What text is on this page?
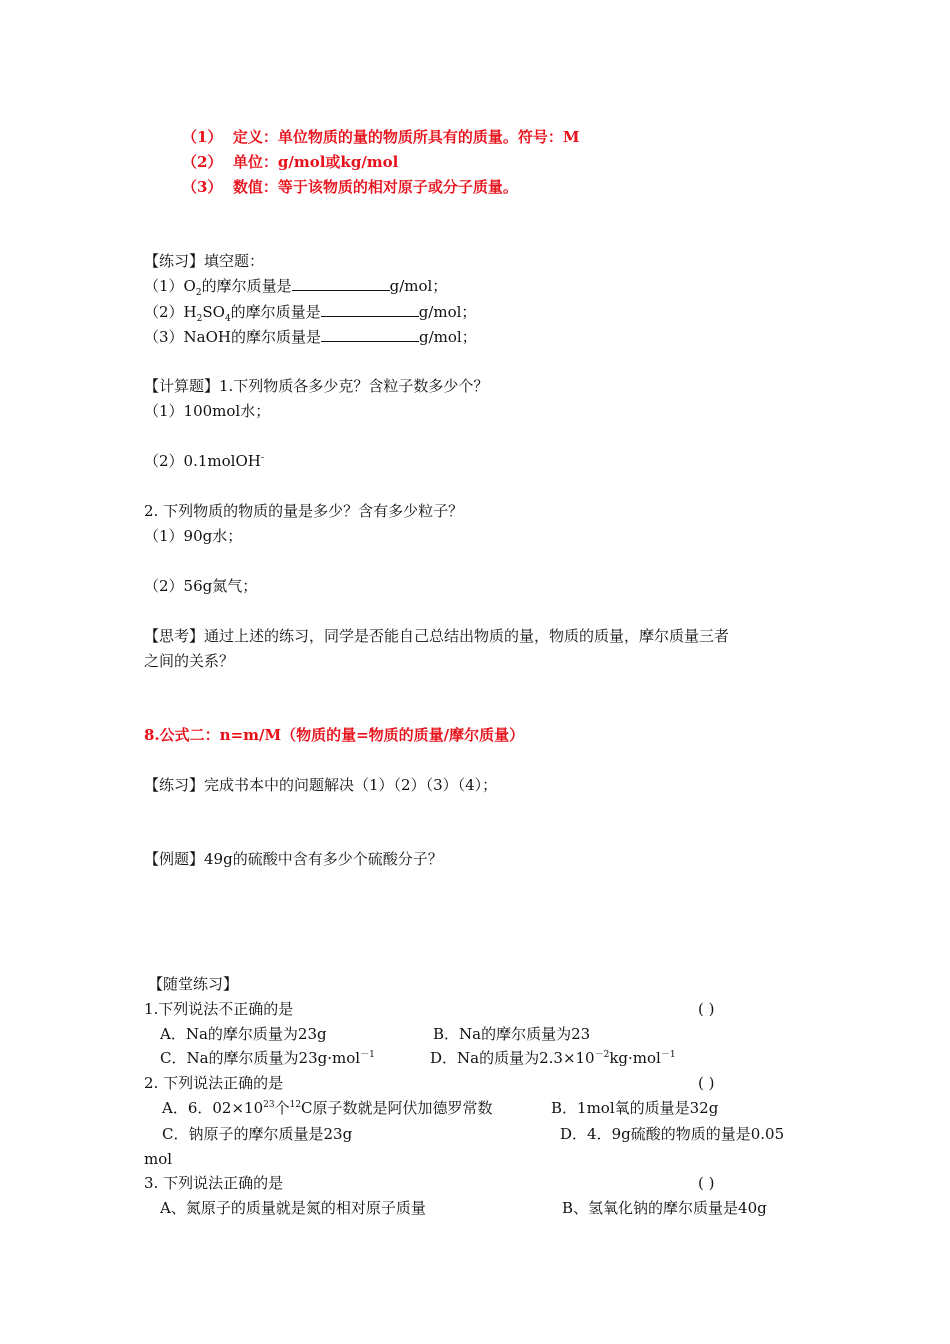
（1） 定义：单位物质的量的物质所具有的质量。符号：M
（2） 单位：g/mol或kg/mol
（3） 数值：等于该物质的相对原子或分子质量。
【练习】填空题：
$(1)O_2$的摩尔质量是	g/mol；
$(2)H_2SO_4$的摩尔质量是	g/mol；
（3）NaOH的摩尔质量是	g/mol；
【计算题】1.下列物质各多少克？含粒子数多少个？
（1）100mol水；
（2）0.1molOH-
2. 下列物质的物质的量是多少？含有多少粒子？
（1）90g水；
（2）56g氮气；
【思考】通过上述的练习，同学是否能自己总结出物质的量，物质的质量，摩尔质量三者
之间的关系？
8.公式二：n=m/M（物质的量=物质的质量/摩尔质量）
【练习】完成书本中的问题解决（1）（2）（3）（4）；
【例题】49g的硫酸中含有多少个硫酸分子？
【随堂练习】
1.下列说法不正确的是	( )
A．Na的摩尔质量为23g	B．Na的摩尔质量为23
C．Na的摩尔质量为23g·mol$^{-1}$	D．Na的质量为$2.3\times 10^{-2}kg\cdot mol^{-1}$
2. 下列说法正确的是	( )
A．6．$02\times 10^{23}$个$^{12}$C原子数就是阿伏加德罗常数	B．1mol氧的质量是32g
C．钠原子的摩尔质量是23g	D．4．9g硫酸的物质的量是0.05
mol
3. 下列说法正确的是	( )
A、氮原子的质量就是氮的相对原子质量	B、氢氧化钠的摩尔质量是40g
